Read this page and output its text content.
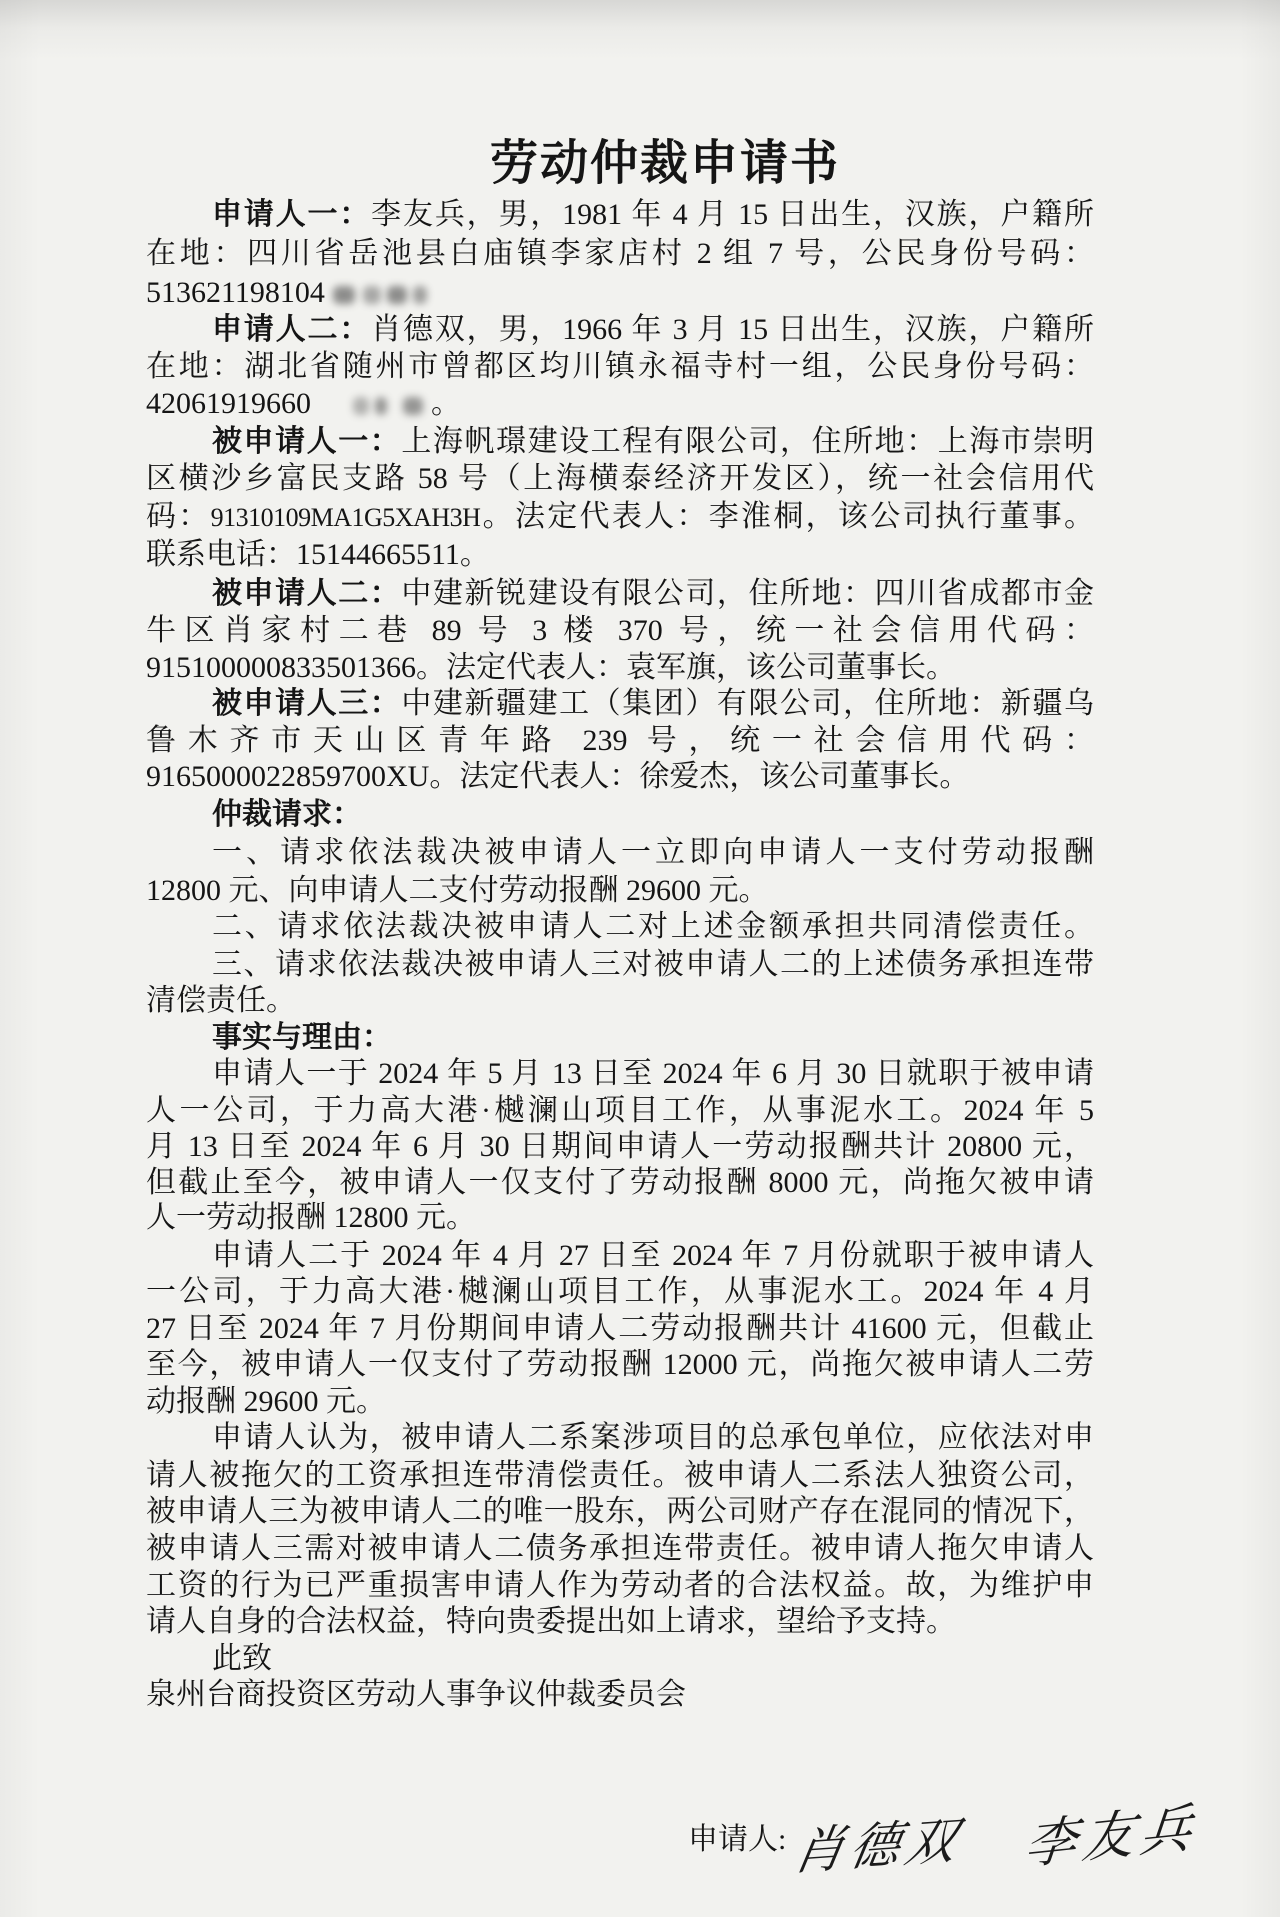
劳动仲裁申请书
申请人一：李友兵，男，1981 年 4 月 15 日出生，汉族，户籍所
在地：四川省岳池县白庙镇李家店村 2 组 7 号，公民身份号码：
513621198104
申请人二：肖德双，男，1966 年 3 月 15 日出生，汉族，户籍所
在地：湖北省随州市曾都区均川镇永福寺村一组，公民身份号码：
42061919660	。
被申请人一：上海帆璟建设工程有限公司，住所地：上海市崇明
区横沙乡富民支路 58 号（上海横泰经济开发区），统一社会信用代
码：91310109MA1G5XAH3H。法定代表人：李淮桐，该公司执行董事。
联系电话：15144665511。
被申请人二：中建新锐建设有限公司，住所地：四川省成都市金
牛区肖家村二巷 89 号 3 楼 370 号，统一社会信用代码：
915100000833501366。法定代表人：袁军旗，该公司董事长。
被申请人三：中建新疆建工（集团）有限公司，住所地：新疆乌
鲁木齐市天山区青年路 239 号，统一社会信用代码：
9165000022859700XU。法定代表人：徐爱杰，该公司董事长。
仲裁请求：
一、请求依法裁决被申请人一立即向申请人一支付劳动报酬
12800 元、向申请人二支付劳动报酬 29600 元。
二、请求依法裁决被申请人二对上述金额承担共同清偿责任。
三、请求依法裁决被申请人三对被申请人二的上述债务承担连带
清偿责任。
事实与理由：
申请人一于 2024 年 5 月 13 日至 2024 年 6 月 30 日就职于被申请
人一公司，于力高大港·樾澜山项目工作，从事泥水工。2024 年 5
月 13 日至 2024 年 6 月 30 日期间申请人一劳动报酬共计 20800 元，
但截止至今，被申请人一仅支付了劳动报酬 8000 元，尚拖欠被申请
人一劳动报酬 12800 元。
申请人二于 2024 年 4 月 27 日至 2024 年 7 月份就职于被申请人
一公司，于力高大港·樾澜山项目工作，从事泥水工。2024 年 4 月
27 日至 2024 年 7 月份期间申请人二劳动报酬共计 41600 元，但截止
至今，被申请人一仅支付了劳动报酬 12000 元，尚拖欠被申请人二劳
动报酬 29600 元。
申请人认为，被申请人二系案涉项目的总承包单位，应依法对申
请人被拖欠的工资承担连带清偿责任。被申请人二系法人独资公司，
被申请人三为被申请人二的唯一股东，两公司财产存在混同的情况下，
被申请人三需对被申请人二债务承担连带责任。被申请人拖欠申请人
工资的行为已严重损害申请人作为劳动者的合法权益。故，为维护申
请人自身的合法权益，特向贵委提出如上请求，望给予支持。
此致
泉州台商投资区劳动人事争议仲裁委员会
申请人: 肖德双 李友兵
